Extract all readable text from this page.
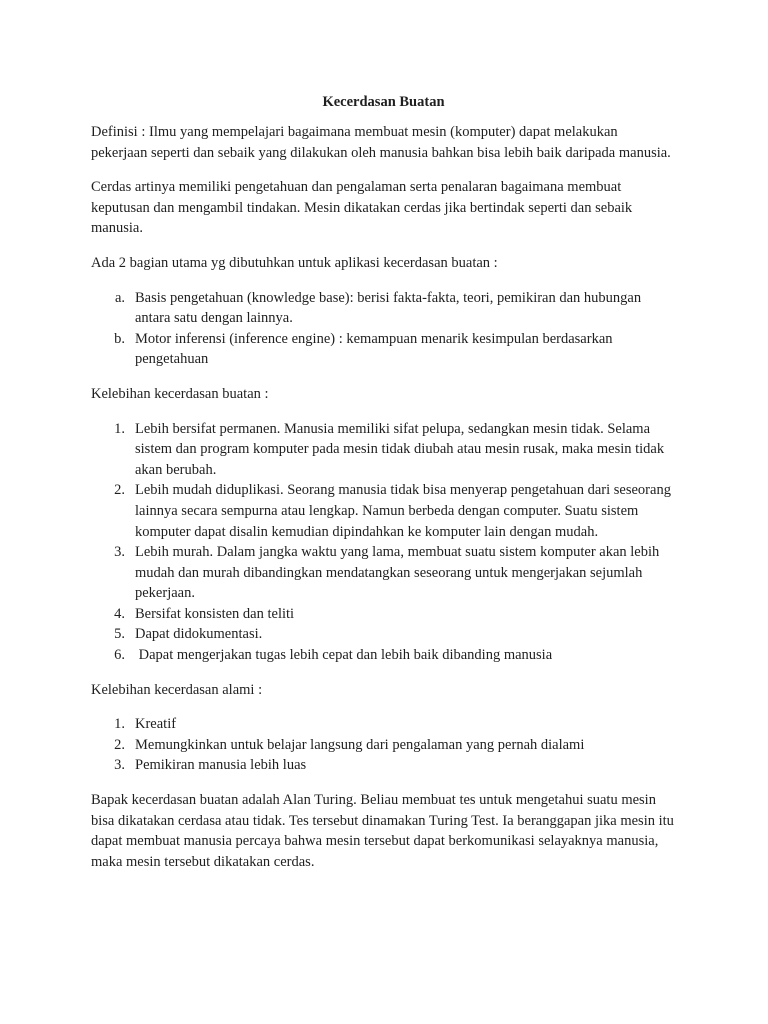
Kecerdasan Buatan

Definisi : Ilmu yang mempelajari bagaimana membuat mesin (komputer) dapat melakukan pekerjaan seperti dan sebaik yang dilakukan oleh manusia bahkan bisa lebih baik daripada manusia.

Cerdas artinya memiliki pengetahuan dan pengalaman serta penalaran bagaimana membuat keputusan dan mengambil tindakan. Mesin dikatakan cerdas jika bertindak seperti dan sebaik manusia.

Ada 2 bagian utama yg dibutuhkan untuk aplikasi kecerdasan buatan :

a. Basis pengetahuan (knowledge base): berisi fakta-fakta, teori, pemikiran dan hubungan antara satu dengan lainnya.
b. Motor inferensi (inference engine) : kemampuan menarik kesimpulan berdasarkan pengetahuan

Kelebihan kecerdasan buatan :

1. Lebih bersifat permanen. Manusia memiliki sifat pelupa, sedangkan mesin tidak. Selama sistem dan program komputer pada mesin tidak diubah atau mesin rusak, maka mesin tidak akan berubah.
2. Lebih mudah diduplikasi. Seorang manusia tidak bisa menyerap pengetahuan dari seseorang lainnya secara sempurna atau lengkap. Namun berbeda dengan computer. Suatu sistem komputer dapat disalin kemudian dipindahkan ke komputer lain dengan mudah.
3. Lebih murah. Dalam jangka waktu yang lama, membuat suatu sistem komputer akan lebih mudah dan murah dibandingkan mendatangkan seseorang untuk mengerjakan sejumlah pekerjaan.
4. Bersifat konsisten dan teliti
5. Dapat didokumentasi.
6. Dapat mengerjakan tugas lebih cepat dan lebih baik dibanding manusia

Kelebihan kecerdasan alami :

1. Kreatif
2. Memungkinkan untuk belajar langsung dari pengalaman yang pernah dialami
3. Pemikiran manusia lebih luas

Bapak kecerdasan buatan adalah Alan Turing. Beliau membuat tes untuk mengetahui suatu mesin bisa dikatakan cerdasa atau tidak. Tes tersebut dinamakan Turing Test. Ia beranggapan jika mesin itu dapat membuat manusia percaya bahwa mesin tersebut dapat berkomunikasi selayaknya manusia, maka mesin tersebut dikatakan cerdas.
